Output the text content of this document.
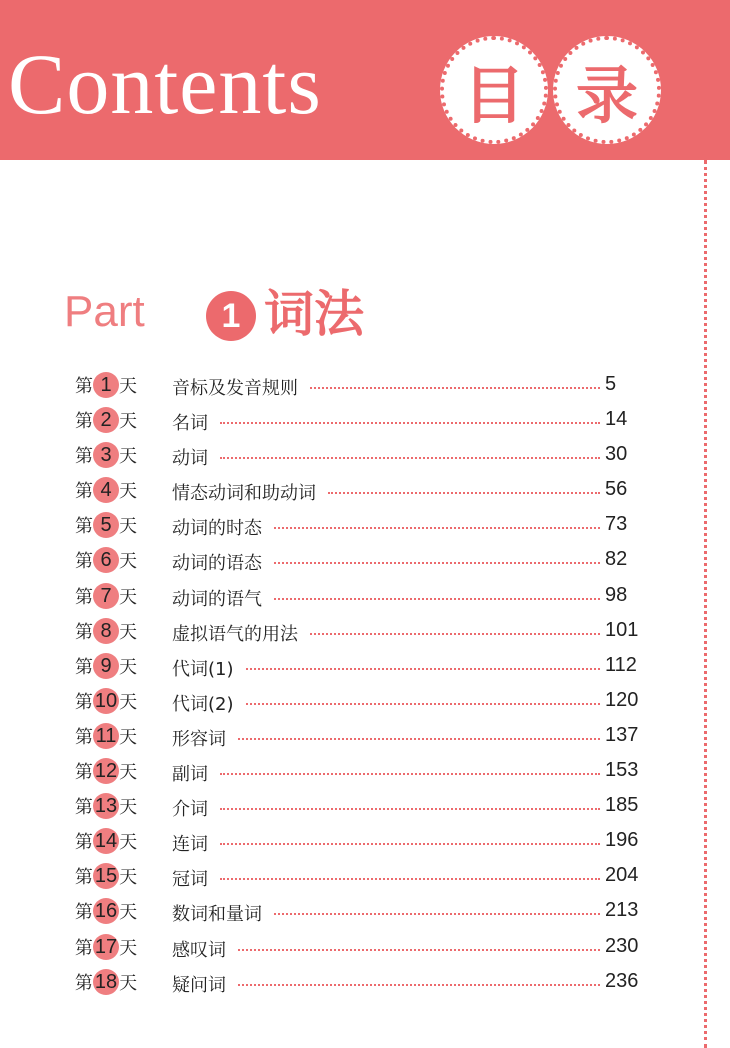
Contents	目 录
Part	1 词法
第 1 天 音标及发音规则	5
第 2 天 名词	14
第 3 天 动词	30
第 4 天 情态动词和助动词	56
第 5 天 动词的时态	73
第 6 天 动词的语态	82
第 7 天 动词的语气	98
第 8 天 虚拟语气的用法	101
第 9 天 代词(1)	112
第 10 天 代词(2)	120
第 11 天 形容词	137
第 12 天 副词	153
第 13 天 介词	185
第 14 天 连词	196
第 15 天 冠词	204
第 16 天 数词和量词	213
第 17 天 感叹词	230
第 18 天 疑问词	236
